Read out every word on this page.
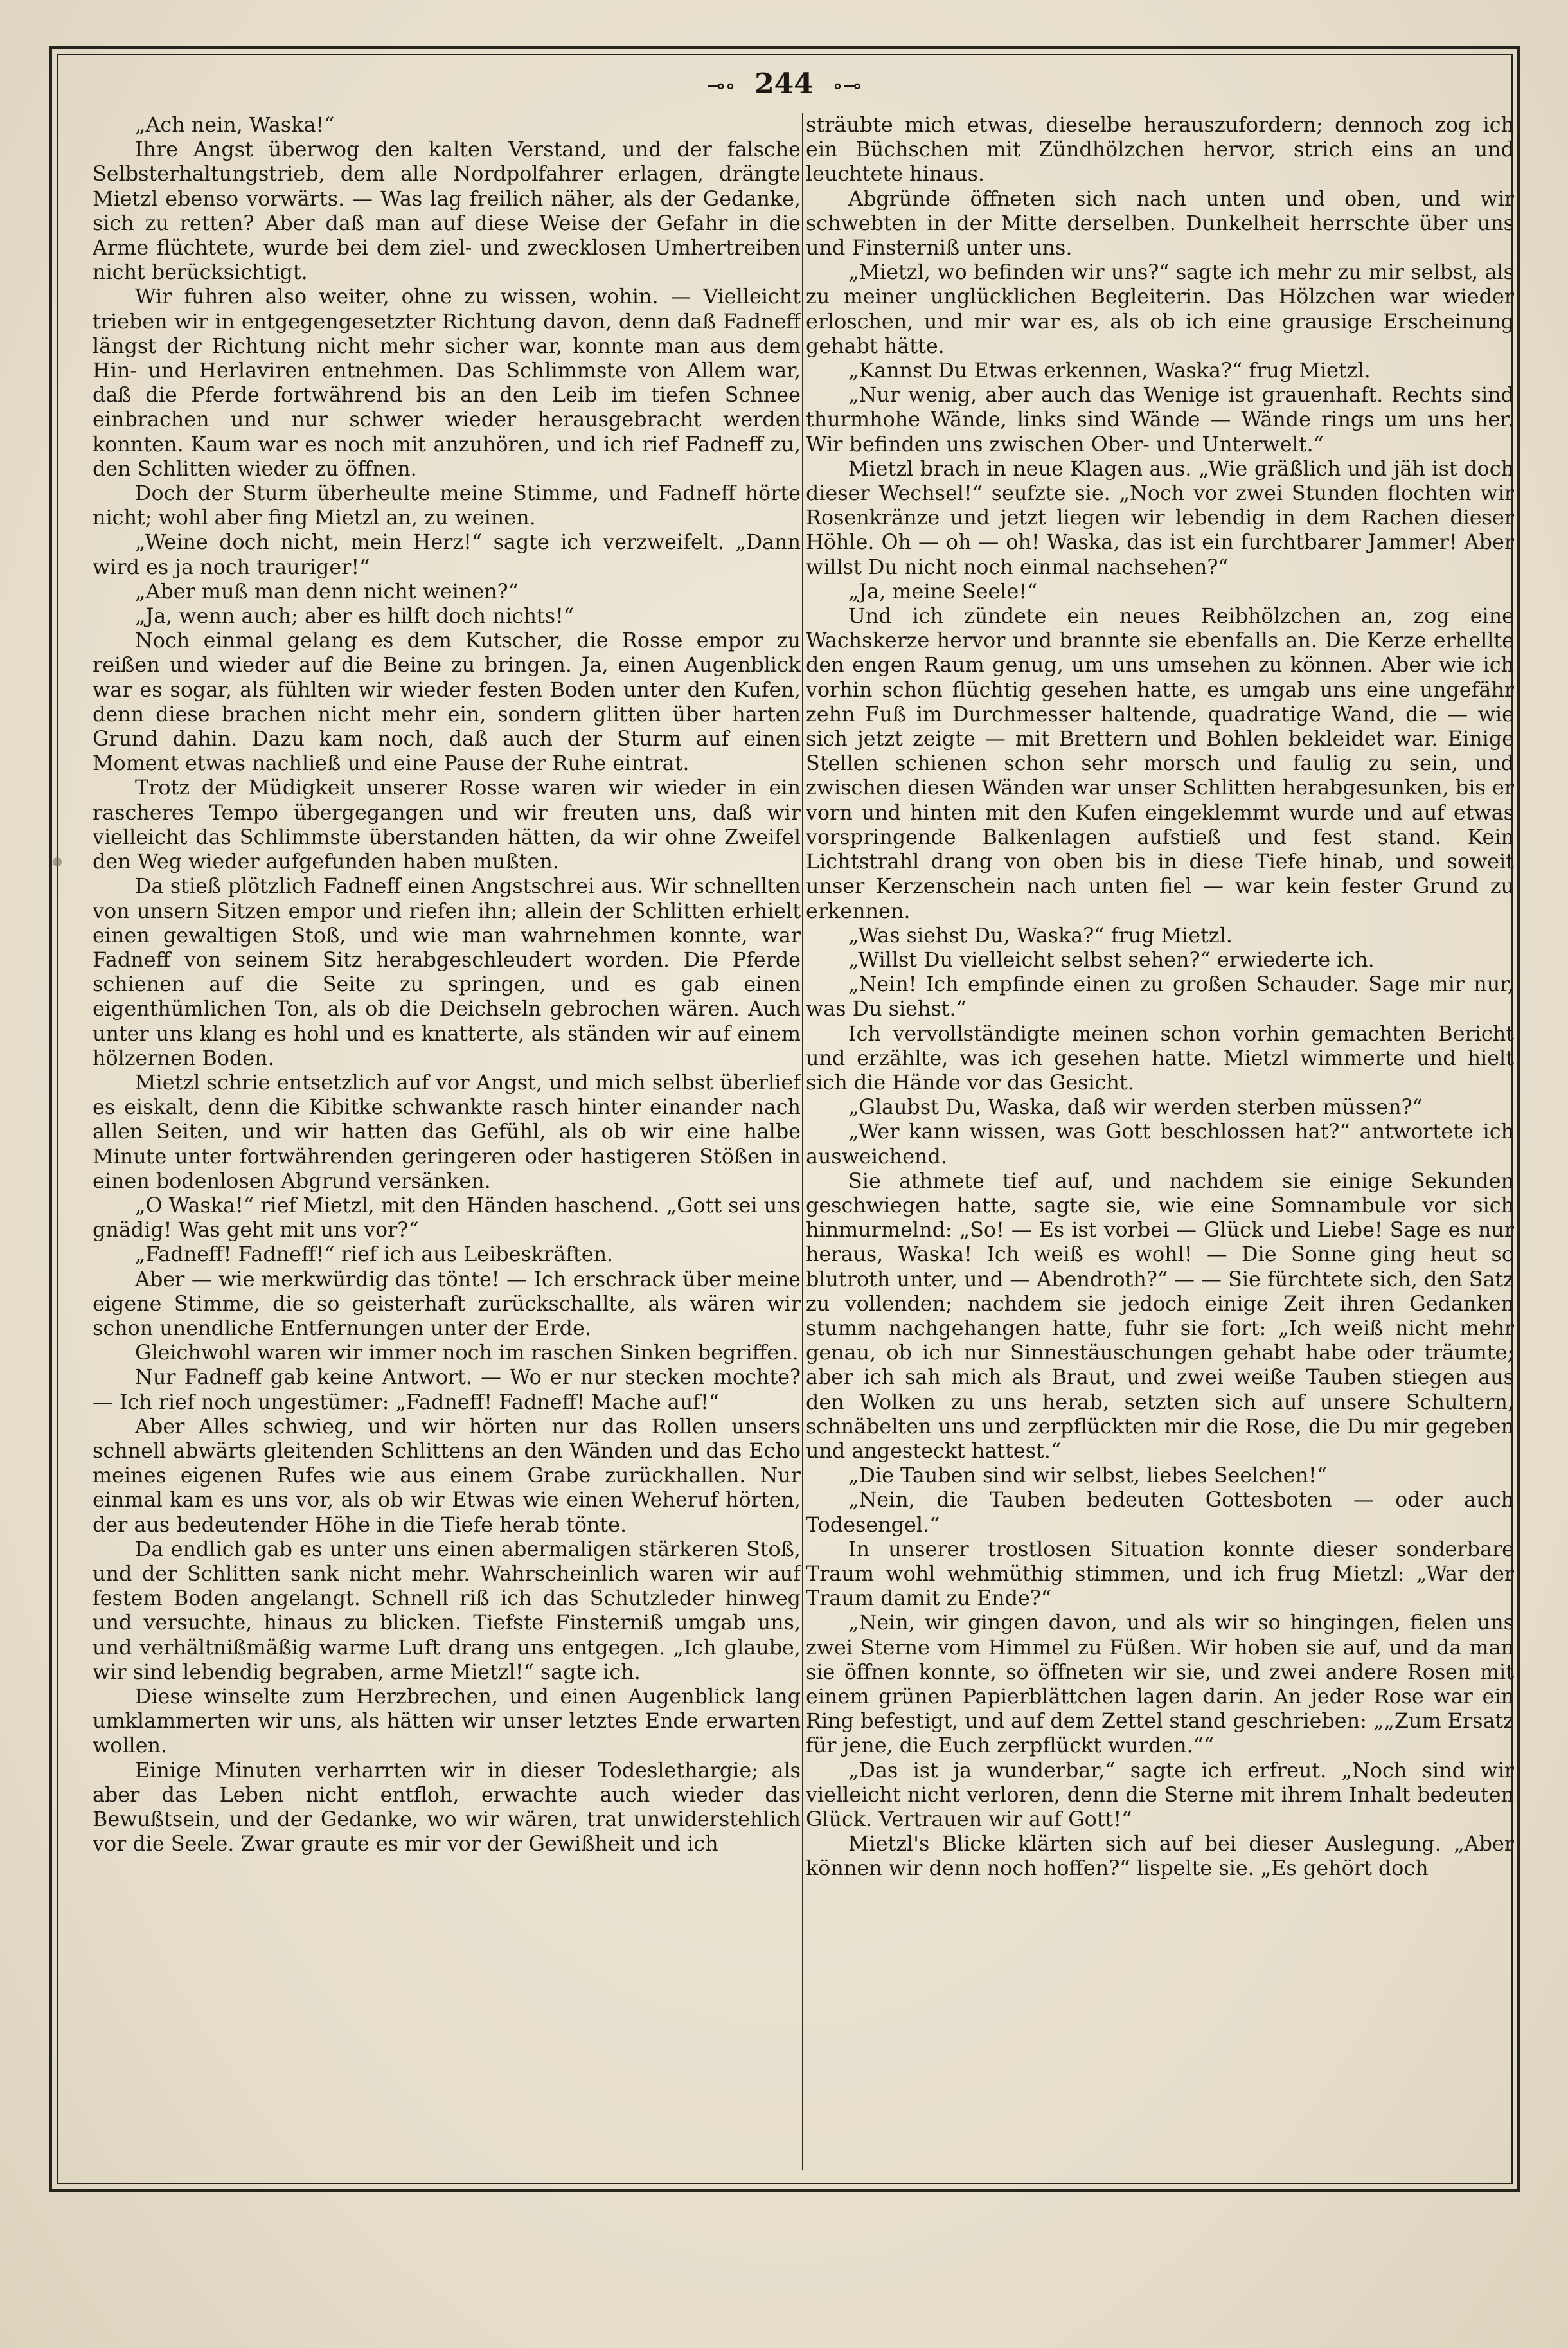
⊸∘ 244 ∘⊸

„Ach nein, Waska!“

Ihre Angst überwog den kalten Verstand, und der falsche Selbsterhaltungstrieb, dem alle Nordpolfahrer erlagen, drängte Mietzl ebenso vorwärts. — Was lag freilich näher, als der Gedanke, sich zu retten? Aber daß man auf diese Weise der Gefahr in die Arme flüchtete, wurde bei dem ziel- und zwecklosen Umhertreiben nicht berücksichtigt.

Wir fuhren also weiter, ohne zu wissen, wohin. — Vielleicht trieben wir in entgegengesetzter Richtung davon, denn daß Fadneff längst der Richtung nicht mehr sicher war, konnte man aus dem Hin- und Herlaviren entnehmen. Das Schlimmste von Allem war, daß die Pferde fortwährend bis an den Leib im tiefen Schnee einbrachen und nur schwer wieder herausgebracht werden konnten. Kaum war es noch mit anzuhören, und ich rief Fadneff zu, den Schlitten wieder zu öffnen.

Doch der Sturm überheulte meine Stimme, und Fadneff hörte nicht; wohl aber fing Mietzl an, zu weinen.

„Weine doch nicht, mein Herz!“ sagte ich verzweifelt. „Dann wird es ja noch trauriger!“

„Aber muß man denn nicht weinen?“

„Ja, wenn auch; aber es hilft doch nichts!“

Noch einmal gelang es dem Kutscher, die Rosse empor zu reißen und wieder auf die Beine zu bringen. Ja, einen Augenblick war es sogar, als fühlten wir wieder festen Boden unter den Kufen, denn diese brachen nicht mehr ein, sondern glitten über harten Grund dahin. Dazu kam noch, daß auch der Sturm auf einen Moment etwas nachließ und eine Pause der Ruhe eintrat.

Trotz der Müdigkeit unserer Rosse waren wir wieder in ein rascheres Tempo übergegangen und wir freuten uns, daß wir vielleicht das Schlimmste überstanden hätten, da wir ohne Zweifel den Weg wieder aufgefunden haben mußten.

Da stieß plötzlich Fadneff einen Angstschrei aus. Wir schnellten von unsern Sitzen empor und riefen ihn; allein der Schlitten erhielt einen gewaltigen Stoß, und wie man wahrnehmen konnte, war Fadneff von seinem Sitz herabgeschleudert worden. Die Pferde schienen auf die Seite zu springen, und es gab einen eigenthümlichen Ton, als ob die Deichseln gebrochen wären. Auch unter uns klang es hohl und es knatterte, als ständen wir auf einem hölzernen Boden.

Mietzl schrie entsetzlich auf vor Angst, und mich selbst überlief es eiskalt, denn die Kibitke schwankte rasch hinter einander nach allen Seiten, und wir hatten das Gefühl, als ob wir eine halbe Minute unter fortwährenden geringeren oder hastigeren Stößen in einen bodenlosen Abgrund versänken.

„O Waska!“ rief Mietzl, mit den Händen haschend. „Gott sei uns gnädig! Was geht mit uns vor?“

„Fadneff! Fadneff!“ rief ich aus Leibeskräften.

Aber — wie merkwürdig das tönte! — Ich erschrack über meine eigene Stimme, die so geisterhaft zurückschallte, als wären wir schon unendliche Entfernungen unter der Erde.

Gleichwohl waren wir immer noch im raschen Sinken begriffen.

Nur Fadneff gab keine Antwort. — Wo er nur stecken mochte? — Ich rief noch ungestümer: „Fadneff! Fadneff! Mache auf!“

Aber Alles schwieg, und wir hörten nur das Rollen unsers schnell abwärts gleitenden Schlittens an den Wänden und das Echo meines eigenen Rufes wie aus einem Grabe zurückhallen. Nur einmal kam es uns vor, als ob wir Etwas wie einen Weheruf hörten, der aus bedeutender Höhe in die Tiefe herab tönte.

Da endlich gab es unter uns einen abermaligen stärkeren Stoß, und der Schlitten sank nicht mehr. Wahrscheinlich waren wir auf festem Boden angelangt. Schnell riß ich das Schutzleder hinweg und versuchte, hinaus zu blicken. Tiefste Finsterniß umgab uns, und verhältnißmäßig warme Luft drang uns entgegen. „Ich glaube, wir sind lebendig begraben, arme Mietzl!“ sagte ich.

Diese winselte zum Herzbrechen, und einen Augenblick lang umklammerten wir uns, als hätten wir unser letztes Ende erwarten wollen.

Einige Minuten verharrten wir in dieser Todeslethargie; als aber das Leben nicht entfloh, erwachte auch wieder das Bewußtsein, und der Gedanke, wo wir wären, trat unwiderstehlich vor die Seele. Zwar graute es mir vor der Gewißheit und ich

sträubte mich etwas, dieselbe herauszufordern; dennoch zog ich ein Büchschen mit Zündhölzchen hervor, strich eins an und leuchtete hinaus.

Abgründe öffneten sich nach unten und oben, und wir schwebten in der Mitte derselben. Dunkelheit herrschte über uns und Finsterniß unter uns.

„Mietzl, wo befinden wir uns?“ sagte ich mehr zu mir selbst, als zu meiner unglücklichen Begleiterin. Das Hölzchen war wieder erloschen, und mir war es, als ob ich eine grausige Erscheinung gehabt hätte.

„Kannst Du Etwas erkennen, Waska?“ frug Mietzl.

„Nur wenig, aber auch das Wenige ist grauenhaft. Rechts sind thurmhohe Wände, links sind Wände — Wände rings um uns her. Wir befinden uns zwischen Ober- und Unterwelt.“

Mietzl brach in neue Klagen aus. „Wie gräßlich und jäh ist doch dieser Wechsel!“ seufzte sie. „Noch vor zwei Stunden flochten wir Rosenkränze und jetzt liegen wir lebendig in dem Rachen dieser Höhle. Oh — oh — oh! Waska, das ist ein furchtbarer Jammer! Aber willst Du nicht noch einmal nachsehen?“

„Ja, meine Seele!“

Und ich zündete ein neues Reibhölzchen an, zog eine Wachskerze hervor und brannte sie ebenfalls an. Die Kerze erhellte den engen Raum genug, um uns umsehen zu können. Aber wie ich vorhin schon flüchtig gesehen hatte, es umgab uns eine ungefähr zehn Fuß im Durchmesser haltende, quadratige Wand, die — wie sich jetzt zeigte — mit Brettern und Bohlen bekleidet war. Einige Stellen schienen schon sehr morsch und faulig zu sein, und zwischen diesen Wänden war unser Schlitten herabgesunken, bis er vorn und hinten mit den Kufen eingeklemmt wurde und auf etwas vorspringende Balkenlagen aufstieß und fest stand. Kein Lichtstrahl drang von oben bis in diese Tiefe hinab, und soweit unser Kerzenschein nach unten fiel — war kein fester Grund zu erkennen.

„Was siehst Du, Waska?“ frug Mietzl.

„Willst Du vielleicht selbst sehen?“ erwiederte ich.

„Nein! Ich empfinde einen zu großen Schauder. Sage mir nur, was Du siehst.“

Ich vervollständigte meinen schon vorhin gemachten Bericht und erzählte, was ich gesehen hatte. Mietzl wimmerte und hielt sich die Hände vor das Gesicht.

„Glaubst Du, Waska, daß wir werden sterben müssen?“

„Wer kann wissen, was Gott beschlossen hat?“ antwortete ich ausweichend.

Sie athmete tief auf, und nachdem sie einige Sekunden geschwiegen hatte, sagte sie, wie eine Somnambule vor sich hinmurmelnd: „So! — Es ist vorbei — Glück und Liebe! Sage es nur heraus, Waska! Ich weiß es wohl! — Die Sonne ging heut so blutroth unter, und — Abendroth?“ — — Sie fürchtete sich, den Satz zu vollenden; nachdem sie jedoch einige Zeit ihren Gedanken stumm nachgehangen hatte, fuhr sie fort: „Ich weiß nicht mehr genau, ob ich nur Sinnestäuschungen gehabt habe oder träumte; aber ich sah mich als Braut, und zwei weiße Tauben stiegen aus den Wolken zu uns herab, setzten sich auf unsere Schultern, schnäbelten uns und zerpflückten mir die Rose, die Du mir gegeben und angesteckt hattest.“

„Die Tauben sind wir selbst, liebes Seelchen!“

„Nein, die Tauben bedeuten Gottesboten — oder auch Todesengel.“

In unserer trostlosen Situation konnte dieser sonderbare Traum wohl wehmüthig stimmen, und ich frug Mietzl: „War der Traum damit zu Ende?“

„Nein, wir gingen davon, und als wir so hingingen, fielen uns zwei Sterne vom Himmel zu Füßen. Wir hoben sie auf, und da man sie öffnen konnte, so öffneten wir sie, und zwei andere Rosen mit einem grünen Papierblättchen lagen darin. An jeder Rose war ein Ring befestigt, und auf dem Zettel stand geschrieben: „„Zum Ersatz für jene, die Euch zerpflückt wurden.““

„Das ist ja wunderbar,“ sagte ich erfreut. „Noch sind wir vielleicht nicht verloren, denn die Sterne mit ihrem Inhalt bedeuten Glück. Vertrauen wir auf Gott!“

Mietzl's Blicke klärten sich auf bei dieser Auslegung. „Aber können wir denn noch hoffen?“ lispelte sie. „Es gehört doch
